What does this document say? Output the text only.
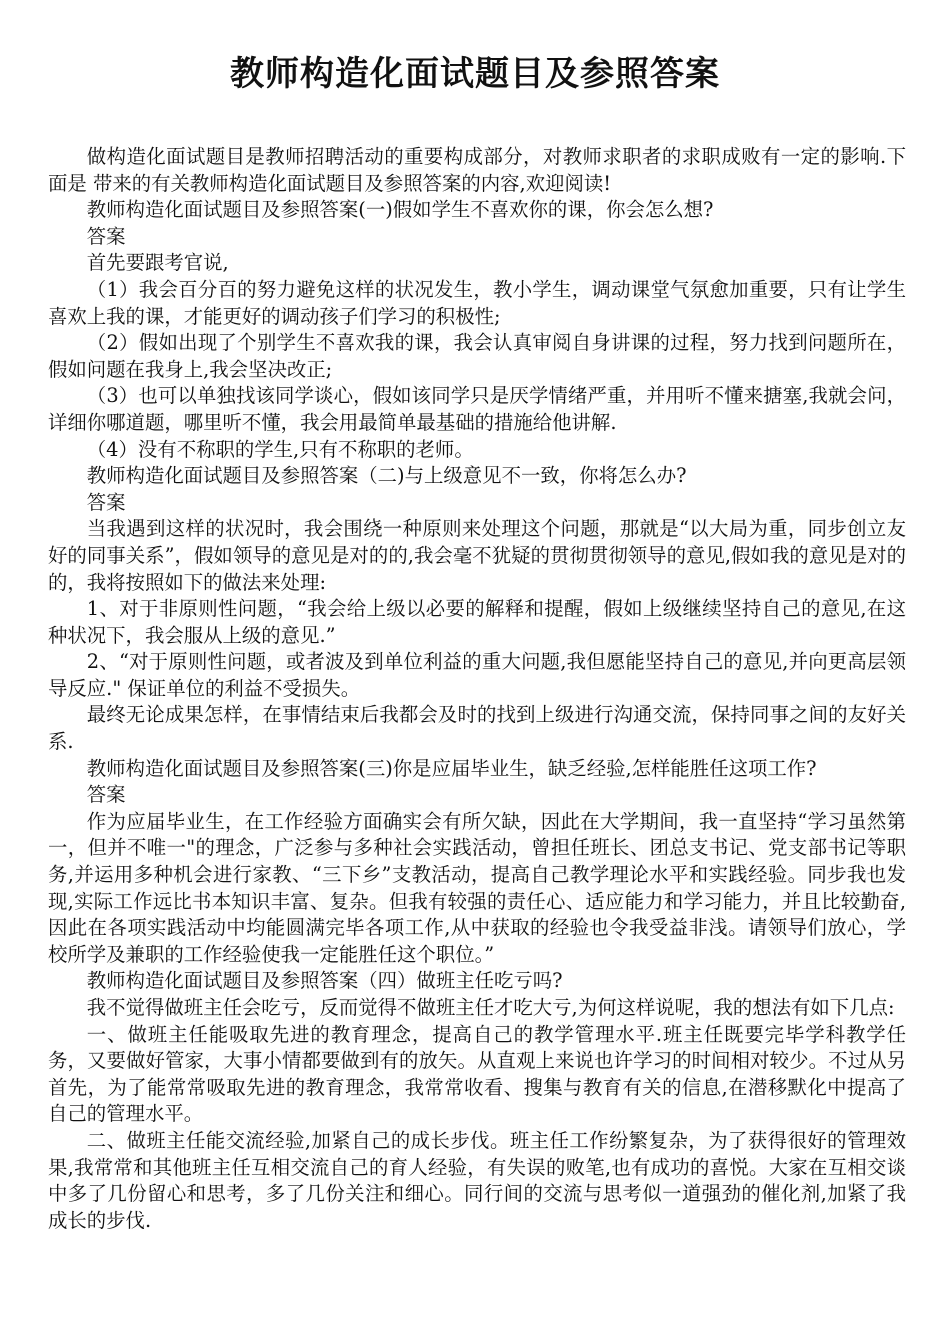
教师构造化面试题目及参照答案

做构造化面试题目是教师招聘活动的重要构成部分，对教师求职者的求职成败有一定的影响.下面是 带来的有关教师构造化面试题目及参照答案的内容,欢迎阅读!

教师构造化面试题目及参照答案(一)假如学生不喜欢你的课，你会怎么想?

答案

首先要跟考官说,

（1）我会百分百的努力避免这样的状况发生，教小学生，调动课堂气氛愈加重要，只有让学生喜欢上我的课，才能更好的调动孩子们学习的积极性;

（2）假如出现了个别学生不喜欢我的课，我会认真审阅自身讲课的过程，努力找到问题所在，假如问题在我身上,我会坚决改正;

（3）也可以单独找该同学谈心，假如该同学只是厌学情绪严重，并用听不懂来搪塞,我就会问，详细你哪道题，哪里听不懂，我会用最简单最基础的措施给他讲解.

（4）没有不称职的学生,只有不称职的老师。

教师构造化面试题目及参照答案（二)与上级意见不一致，你将怎么办?

答案

当我遇到这样的状况时，我会围绕一种原则来处理这个问题，那就是“以大局为重，同步创立友好的同事关系”，假如领导的意见是对的的,我会毫不犹疑的贯彻贯彻领导的意见,假如我的意见是对的的，我将按照如下的做法来处理:

1、对于非原则性问题，“我会给上级以必要的解释和提醒，假如上级继续坚持自己的意见,在这种状况下，我会服从上级的意见.”

2、“对于原则性问题，或者波及到单位利益的重大问题,我但愿能坚持自己的意见,并向更高层领导反应." 保证单位的利益不受损失。

最终无论成果怎样，在事情结束后我都会及时的找到上级进行沟通交流，保持同事之间的友好关系.

教师构造化面试题目及参照答案(三)你是应届毕业生，缺乏经验,怎样能胜任这项工作?

答案

作为应届毕业生，在工作经验方面确实会有所欠缺，因此在大学期间，我一直坚持“学习虽然第一，但并不唯一"的理念，广泛参与多种社会实践活动，曾担任班长、团总支书记、党支部书记等职务,并运用多种机会进行家教、“三下乡”支教活动，提高自己教学理论水平和实践经验。同步我也发现,实际工作远比书本知识丰富、复杂。但我有较强的责任心、适应能力和学习能力，并且比较勤奋,因此在各项实践活动中均能圆满完毕各项工作,从中获取的经验也令我受益非浅。请领导们放心，学校所学及兼职的工作经验使我一定能胜任这个职位。”

教师构造化面试题目及参照答案（四）做班主任吃亏吗?

我不觉得做班主任会吃亏，反而觉得不做班主任才吃大亏,为何这样说呢，我的想法有如下几点:

一、做班主任能吸取先进的教育理念，提高自己的教学管理水平.班主任既要完毕学科教学任务，又要做好管家，大事小情都要做到有的放矢。从直观上来说也许学习的时间相对较少。不过从另首先，为了能常常吸取先进的教育理念，我常常收看、搜集与教育有关的信息,在潜移默化中提高了自己的管理水平。

二、做班主任能交流经验,加紧自己的成长步伐。班主任工作纷繁复杂，为了获得很好的管理效果,我常常和其他班主任互相交流自己的育人经验，有失误的败笔,也有成功的喜悦。大家在互相交谈中多了几份留心和思考，多了几份关注和细心。同行间的交流与思考似一道强劲的催化剂,加紧了我成长的步伐.
